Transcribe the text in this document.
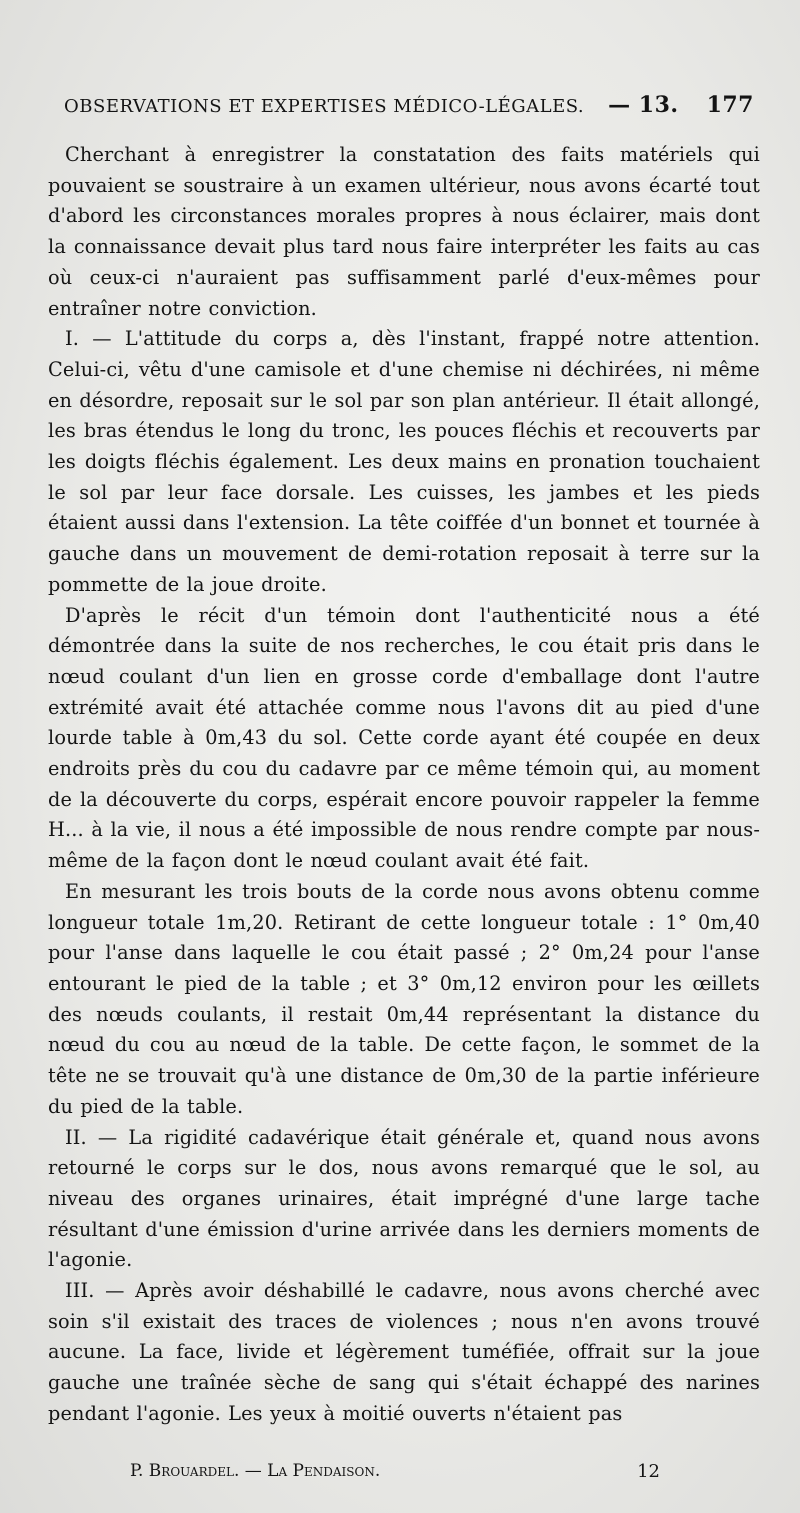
OBSERVATIONS ET EXPERTISES MÉDICO-LÉGALES. — 13. 177

Cherchant à enregistrer la constatation des faits matériels qui pouvaient se soustraire à un examen ultérieur, nous avons écarté tout d'abord les circonstances morales propres à nous éclairer, mais dont la connaissance devait plus tard nous faire interpréter les faits au cas où ceux-ci n'auraient pas suffisamment parlé d'eux-mêmes pour entraîner notre conviction.

I. — L'attitude du corps a, dès l'instant, frappé notre attention. Celui-ci, vêtu d'une camisole et d'une chemise ni déchirées, ni même en désordre, reposait sur le sol par son plan antérieur. Il était allongé, les bras étendus le long du tronc, les pouces fléchis et recouverts par les doigts fléchis également. Les deux mains en pronation touchaient le sol par leur face dorsale. Les cuisses, les jambes et les pieds étaient aussi dans l'extension. La tête coiffée d'un bonnet et tournée à gauche dans un mouvement de demi-rotation reposait à terre sur la pommette de la joue droite.

D'après le récit d'un témoin dont l'authenticité nous a été démontrée dans la suite de nos recherches, le cou était pris dans le nœud coulant d'un lien en grosse corde d'emballage dont l'autre extrémité avait été attachée comme nous l'avons dit au pied d'une lourde table à 0m,43 du sol. Cette corde ayant été coupée en deux endroits près du cou du cadavre par ce même témoin qui, au moment de la découverte du corps, espérait encore pouvoir rappeler la femme H... à la vie, il nous a été impossible de nous rendre compte par nous-même de la façon dont le nœud coulant avait été fait.

En mesurant les trois bouts de la corde nous avons obtenu comme longueur totale 1m,20. Retirant de cette longueur totale : 1° 0m,40 pour l'anse dans laquelle le cou était passé ; 2° 0m,24 pour l'anse entourant le pied de la table ; et 3° 0m,12 environ pour les œillets des nœuds coulants, il restait 0m,44 représentant la distance du nœud du cou au nœud de la table. De cette façon, le sommet de la tête ne se trouvait qu'à une distance de 0m,30 de la partie inférieure du pied de la table.

II. — La rigidité cadavérique était générale et, quand nous avons retourné le corps sur le dos, nous avons remarqué que le sol, au niveau des organes urinaires, était imprégné d'une large tache résultant d'une émission d'urine arrivée dans les derniers moments de l'agonie.

III. — Après avoir déshabillé le cadavre, nous avons cherché avec soin s'il existait des traces de violences ; nous n'en avons trouvé aucune. La face, livide et légèrement tuméfiée, offrait sur la joue gauche une traînée sèche de sang qui s'était échappé des narines pendant l'agonie. Les yeux à moitié ouverts n'étaient pas

P. Brouardel. — La Pendaison.	12
